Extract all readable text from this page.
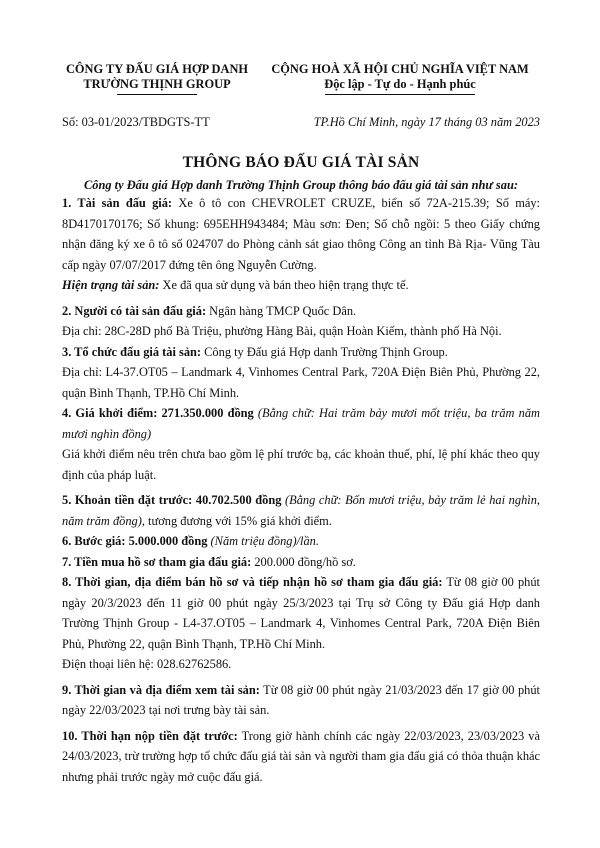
CÔNG TY ĐẤU GIÁ HỢP DANH
TRƯỜNG THỊNH GROUP
CỘNG HOÀ XÃ HỘI CHỦ NGHĨA VIỆT NAM
Độc lập - Tự do - Hạnh phúc
Số: 03-01/2023/TBDGTS-TT	TP.Hồ Chí Minh, ngày 17 tháng 03 năm 2023
THÔNG BÁO ĐẤU GIÁ TÀI SẢN
Công ty Đấu giá Hợp danh Trường Thịnh Group thông báo đấu giá tài sản như sau:

1. Tài sản đấu giá: Xe ô tô con CHEVROLET CRUZE, biển số 72A-215.39; Số máy: 8D4170170176; Số khung: 695EHH943484; Màu sơn: Đen; Số chỗ ngồi: 5 theo Giấy chứng nhận đăng ký xe ô tô số 024707 do Phòng cảnh sát giao thông Công an tỉnh Bà Rịa- Vũng Tàu cấp ngày 07/07/2017 đứng tên ông Nguyễn Cường.

Hiện trạng tài sản: Xe đã qua sử dụng và bán theo hiện trạng thực tế.

2. Người có tài sản đấu giá: Ngân hàng TMCP Quốc Dân.

Địa chỉ: 28C-28D phố Bà Triệu, phường Hàng Bài, quận Hoàn Kiếm, thành phố Hà Nội.

3. Tổ chức đấu giá tài sản: Công ty Đấu giá Hợp danh Trường Thịnh Group.

Địa chỉ: L4-37.OT05 – Landmark 4, Vinhomes Central Park, 720A Điện Biên Phủ, Phường 22, quận Bình Thạnh, TP.Hồ Chí Minh.

4. Giá khởi điểm: 271.350.000 đồng (Bằng chữ: Hai trăm bảy mươi mốt triệu, ba trăm năm mươi nghìn đồng)

Giá khởi điểm nêu trên chưa bao gồm lệ phí trước bạ, các khoản thuế, phí, lệ phí khác theo quy định của pháp luật.

5. Khoản tiền đặt trước: 40.702.500 đồng (Bằng chữ: Bốn mươi triệu, bảy trăm lẻ hai nghìn, năm trăm đồng), tương đương với 15% giá khởi điểm.

6. Bước giá: 5.000.000 đồng (Năm triệu đồng)/lần.

7. Tiền mua hồ sơ tham gia đấu giá: 200.000 đồng/hồ sơ.

8. Thời gian, địa điểm bán hồ sơ và tiếp nhận hồ sơ tham gia đấu giá: Từ 08 giờ 00 phút ngày 20/3/2023 đến 11 giờ 00 phút ngày 25/3/2023 tại Trụ sở Công ty Đấu giá Hợp danh Trường Thịnh Group - L4-37.OT05 – Landmark 4, Vinhomes Central Park, 720A Điện Biên Phủ, Phường 22, quận Bình Thạnh, TP.Hồ Chí Minh.

Điện thoại liên hệ: 028.62762586.

9. Thời gian và địa điểm xem tài sản: Từ 08 giờ 00 phút ngày 21/03/2023 đến 17 giờ 00 phút ngày 22/03/2023 tại nơi trưng bày tài sản.

10. Thời hạn nộp tiền đặt trước: Trong giờ hành chính các ngày 22/03/2023, 23/03/2023 và 24/03/2023, trừ trường hợp tổ chức đấu giá tài sản và người tham gia đấu giá có thỏa thuận khác nhưng phải trước ngày mở cuộc đấu giá.
